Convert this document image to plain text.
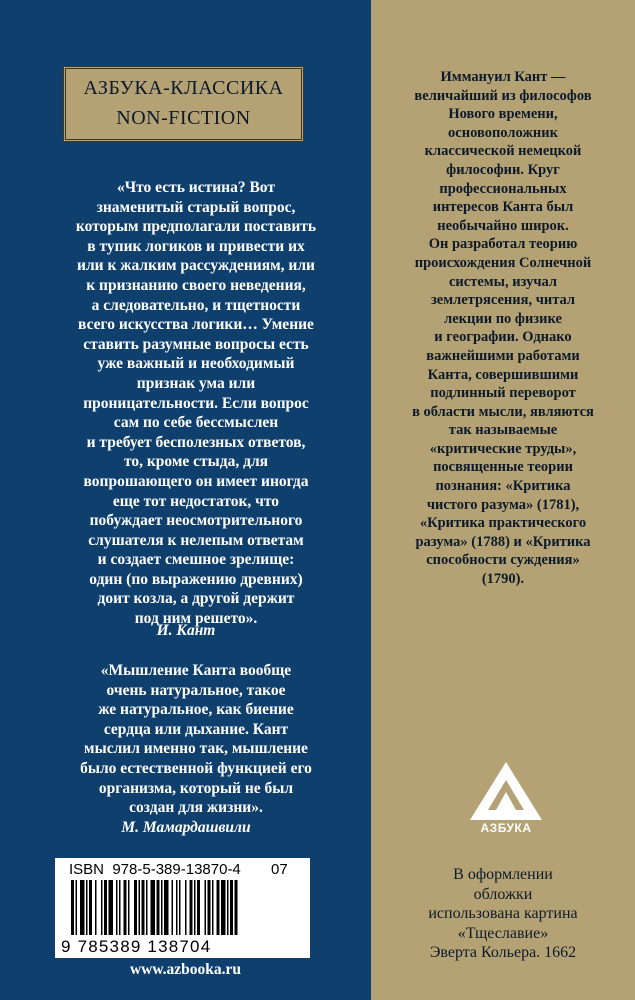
АЗБУКА-КЛАССИКА
NON-FICTION
«Что есть истина? Вот
знаменитый старый вопрос,
которым предполагали поставить
в тупик логиков и привести их
или к жалким рассуждениям, или
к признанию своего неведения,
а следовательно, и тщетности
всего искусства логики… Умение
ставить разумные вопросы есть
уже важный и необходимый
признак ума или
проницательности. Если вопрос
сам по себе бессмыслен
и требует бесполезных ответов,
то, кроме стыда, для
вопрошающего он имеет иногда
еще тот недостаток, что
побуждает неосмотрительного
слушателя к нелепым ответам
и создает смешное зрелище:
один (по выражению древних)
доит козла, а другой держит
под ним решето».
И. Кант
«Мышление Канта вообще
очень натуральное, такое
же натуральное, как биение
сердца или дыхание. Кант
мыслил именно так, мышление
было естественной функцией его
организма, который не был
создан для жизни».
М. Мамардашвили
ISBN  978-5-389-13870-4 07
9 785389 138704
www.azbooka.ru
Иммануил Кант —
величайший из философов
Нового времени,
основоположник
классической немецкой
философии. Круг
профессиональных
интересов Канта был
необычайно широк.
Он разработал теорию
происхождения Солнечной
системы, изучал
землетрясения, читал
лекции по физике
и географии. Однако
важнейшими работами
Канта, совершившими
подлинный переворот
в области мысли, являются
так называемые
«критические труды»,
посвященные теории
познания: «Критика
чистого разума» (1781),
«Критика практического
разума» (1788) и «Критика
способности суждения»
(1790).
АЗБУКА
В оформлении
обложки
использована картина
«Тщеславие»
Эверта Кольера. 1662
